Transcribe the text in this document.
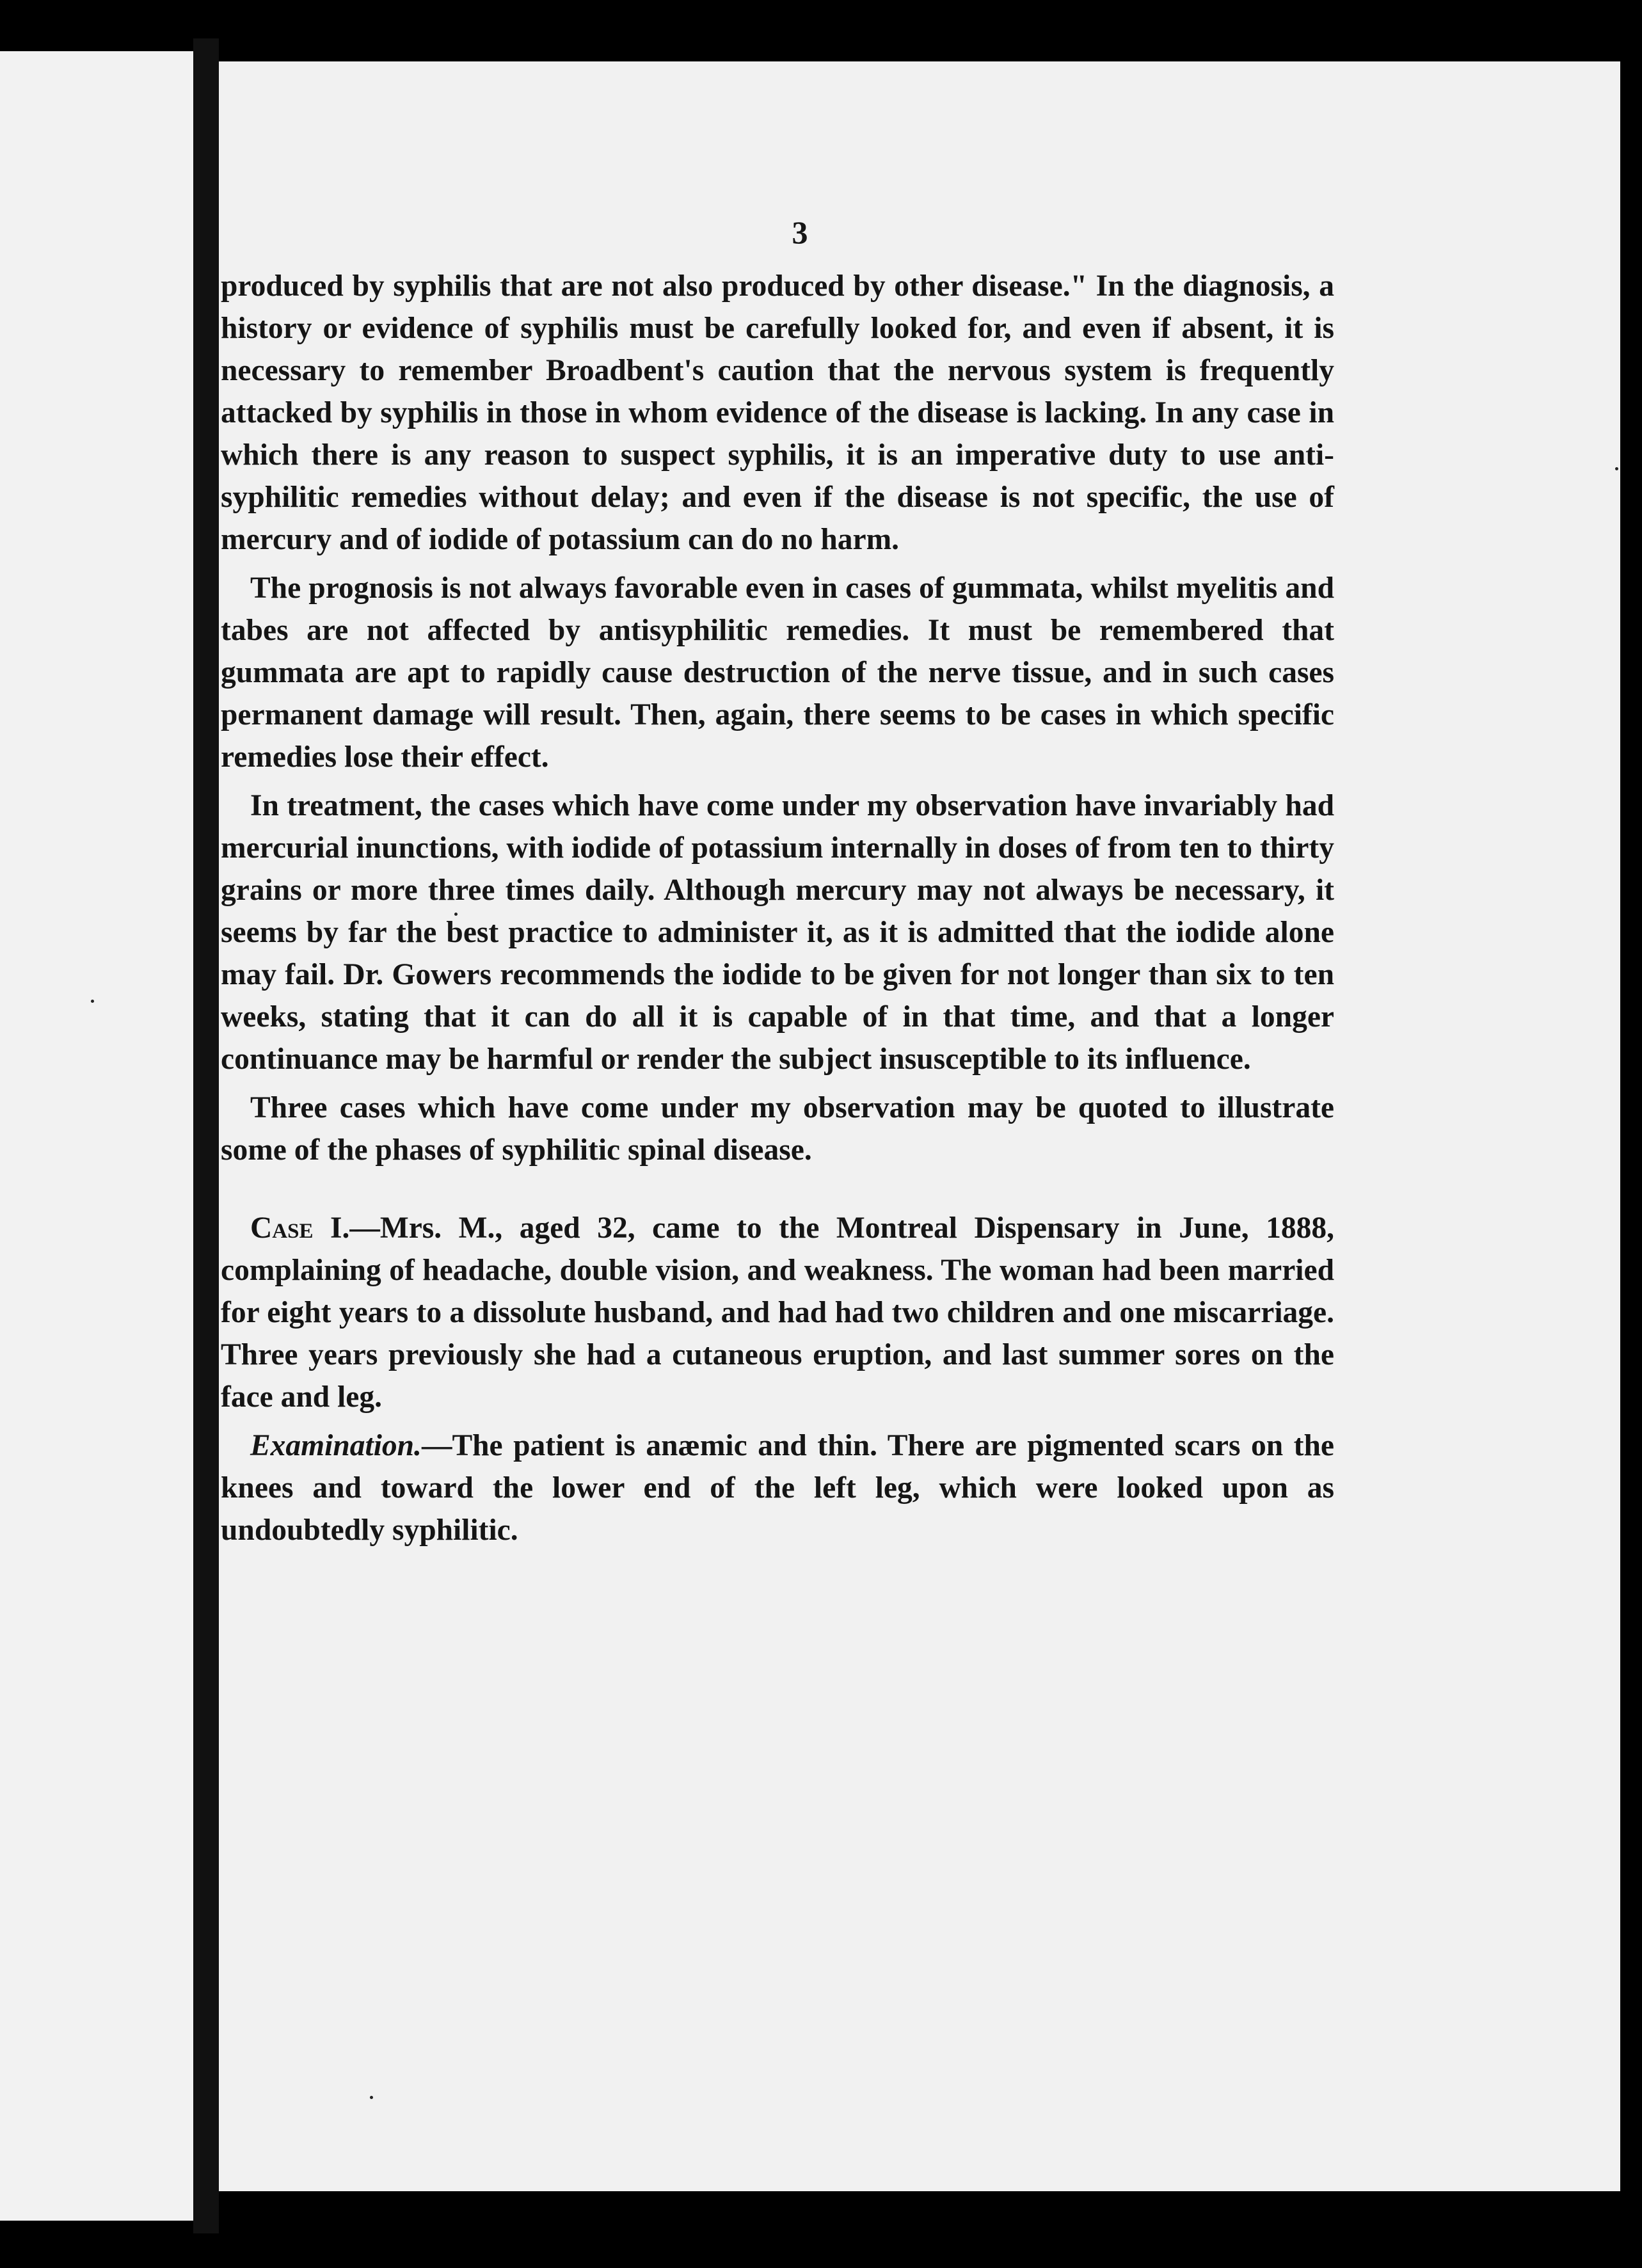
3

produced by syphilis that are not also produced by other disease." In the diagnosis, a history or evidence of syphilis must be carefully looked for, and even if absent, it is necessary to remember Broadbent's caution that the nervous system is frequently attacked by syphilis in those in whom evidence of the disease is lacking. In any case in which there is any reason to suspect syphilis, it is an imperative duty to use anti-syphilitic remedies without delay; and even if the disease is not specific, the use of mercury and of iodide of potassium can do no harm.

The prognosis is not always favorable even in cases of gummata, whilst myelitis and tabes are not affected by antisyphilitic remedies. It must be remembered that gummata are apt to rapidly cause destruction of the nerve tissue, and in such cases permanent damage will result. Then, again, there seems to be cases in which specific remedies lose their effect.

In treatment, the cases which have come under my observation have invariably had mercurial inunctions, with iodide of potassium internally in doses of from ten to thirty grains or more three times daily. Although mercury may not always be necessary, it seems by far the best practice to administer it, as it is admitted that the iodide alone may fail. Dr. Gowers recommends the iodide to be given for not longer than six to ten weeks, stating that it can do all it is capable of in that time, and that a longer continuance may be harmful or render the subject insusceptible to its influence.

Three cases which have come under my observation may be quoted to illustrate some of the phases of syphilitic spinal disease.

Case I.—Mrs. M., aged 32, came to the Montreal Dispensary in June, 1888, complaining of headache, double vision, and weakness. The woman had been married for eight years to a dissolute husband, and had had two children and one miscarriage. Three years previously she had a cutaneous eruption, and last summer sores on the face and leg.

Examination.—The patient is anæmic and thin. There are pigmented scars on the knees and toward the lower end of the left leg, which were looked upon as undoubtedly syphilitic.
